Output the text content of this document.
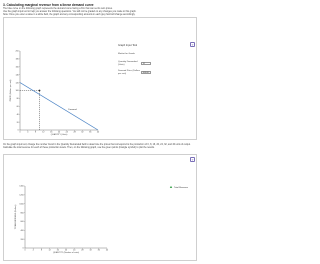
3. Calculating marginal revenue from a linear demand curve
The blue curve on the following graph represents the demand curve facing a firm that can set its own prices.
Use the graph input tool to help you answer the following questions. You will not be graded on any changes you make to this graph.
Note: Once you enter a value in a white field, the graph and any corresponding amounts in each grey field will change accordingly.
?
Graph Input Tool
Market for Goods
Quantity Demanded (Units)	10
Demand Price (Dollars per unit)	100.00
0	4	8	12	16	20	24	28	32	36	40
0
20
40
60
80
100
120
140
160
180
200
QUANTITY (Units)
PRICE (Dollars per unit)
Demand
On the graph input tool, change the number found in the Quantity Demanded field to determine the prices that correspond to the production of 0, 8, 16, 20, 24, 32, and 40 units of output. Calculate the total revenue for each of these production levels. Then, on the following graph, use the green points (triangle symbol) to plot the results.
?
0	4	8	12	16	20	24	28	32	36	40
0
200
400
600
800
1000
1200
1400
QUANTITY (Number of units)
TOTAL REVENUE (Dollars)
Total Revenue
